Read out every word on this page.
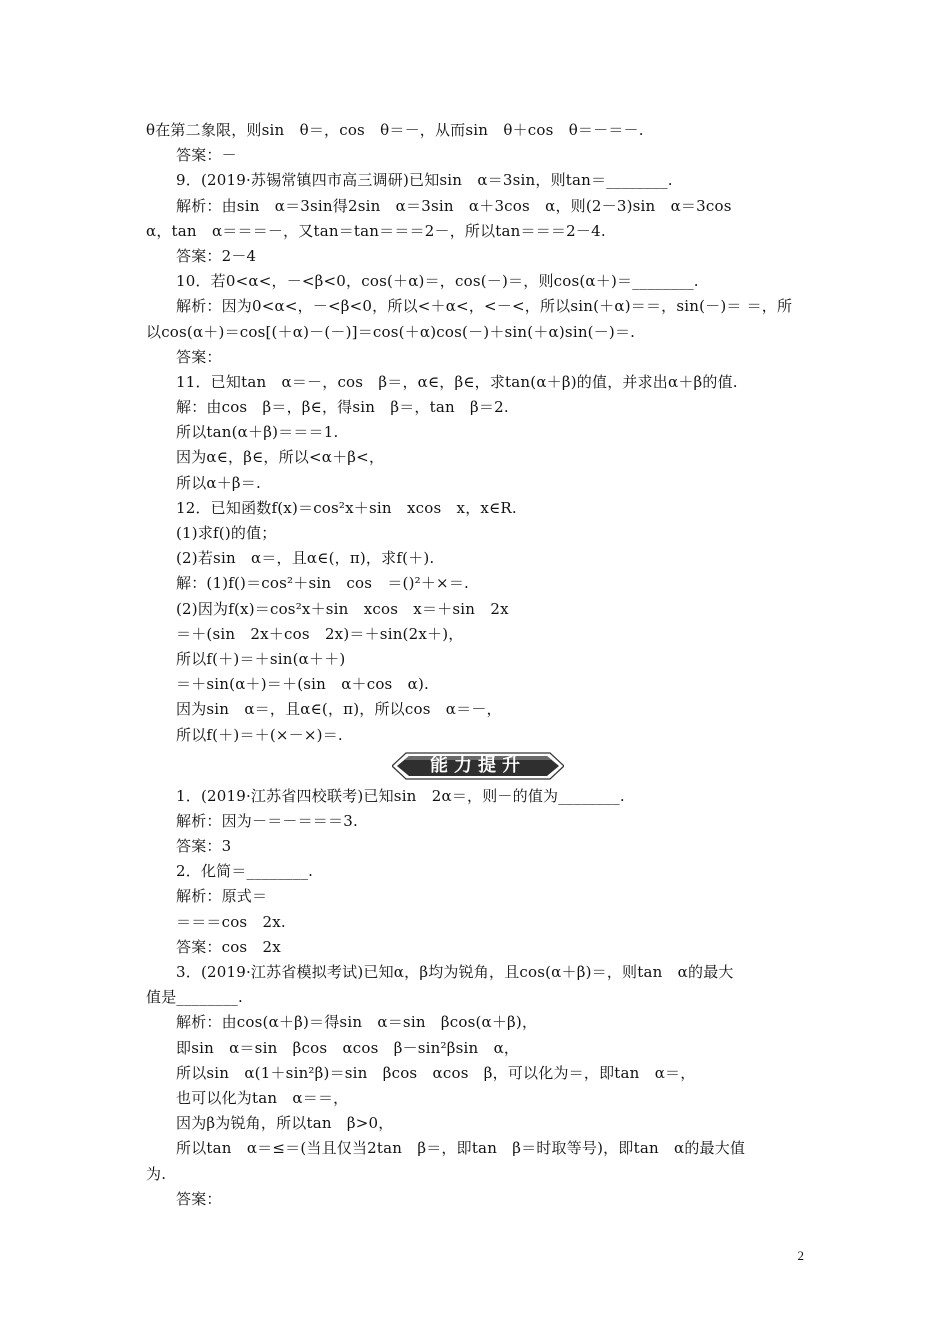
θ在第二象限，则sin　θ＝，cos　θ＝－，从而sin　θ＋cos　θ＝－＝－.
答案：－
9．(2019·苏锡常镇四市高三调研)已知sin　α＝3sin，则tan＝________.
解析：由sin　α＝3sin得2sin　α＝3sin　α＋3cos　α，则(2－3)sin　α＝3cos
α，tan　α＝＝＝－，又tan＝tan＝＝＝2－，所以tan＝＝＝2－4.
答案：2－4
10．若0<α<，－<β<0，cos(＋α)＝，cos(－)＝，则cos(α＋)＝________.
解析：因为0<α<，－<β<0，所以<＋α<，<－<，所以sin(＋α)＝＝，sin(－)＝ ＝，所
以cos(α＋)＝cos[(＋α)－(－)]＝cos(＋α)cos(－)＋sin(＋α)sin(－)＝.
答案：
11．已知tan　α＝－，cos　β＝，α∈，β∈，求tan(α＋β)的值，并求出α＋β的值.
解：由cos　β＝，β∈，得sin　β＝，tan　β＝2.
所以tan(α＋β)＝＝＝1.
因为α∈，β∈，所以<α＋β<，
所以α＋β＝.
12．已知函数f(x)＝cos²x＋sin　xcos　x，x∈R.
(1)求f()的值；
(2)若sin　α＝，且α∈(，π)，求f(＋).
解：(1)f()＝cos²＋sin　cos　＝()²＋×＝.
(2)因为f(x)＝cos²x＋sin　xcos　x＝＋sin　2x
＝＋(sin　2x＋cos　2x)＝＋sin(2x＋)，
所以f(＋)＝＋sin(α＋＋)
＝＋sin(α＋)＝＋(sin　α＋cos　α).
因为sin　α＝，且α∈(，π)，所以cos　α＝－，
所以f(＋)＝＋(×－×)＝.
能力提升
1．(2019·江苏省四校联考)已知sin　2α＝，则－的值为________.
解析：因为－＝－＝＝＝3.
答案：3
2．化简＝________.
解析：原式＝
＝＝＝cos　2x.
答案：cos　2x
3．(2019·江苏省模拟考试)已知α，β均为锐角，且cos(α＋β)＝，则tan　α的最大
值是________.
解析：由cos(α＋β)＝得sin　α＝sin　βcos(α＋β)，
即sin　α＝sin　βcos　αcos　β－sin²βsin　α，
所以sin　α(1＋sin²β)＝sin　βcos　αcos　β，可以化为＝，即tan　α＝，
也可以化为tan　α＝＝，
因为β为锐角，所以tan　β>0，
所以tan　α＝≤＝(当且仅当2tan　β＝，即tan　β＝时取等号)，即tan　α的最大值
为.
答案：
2
